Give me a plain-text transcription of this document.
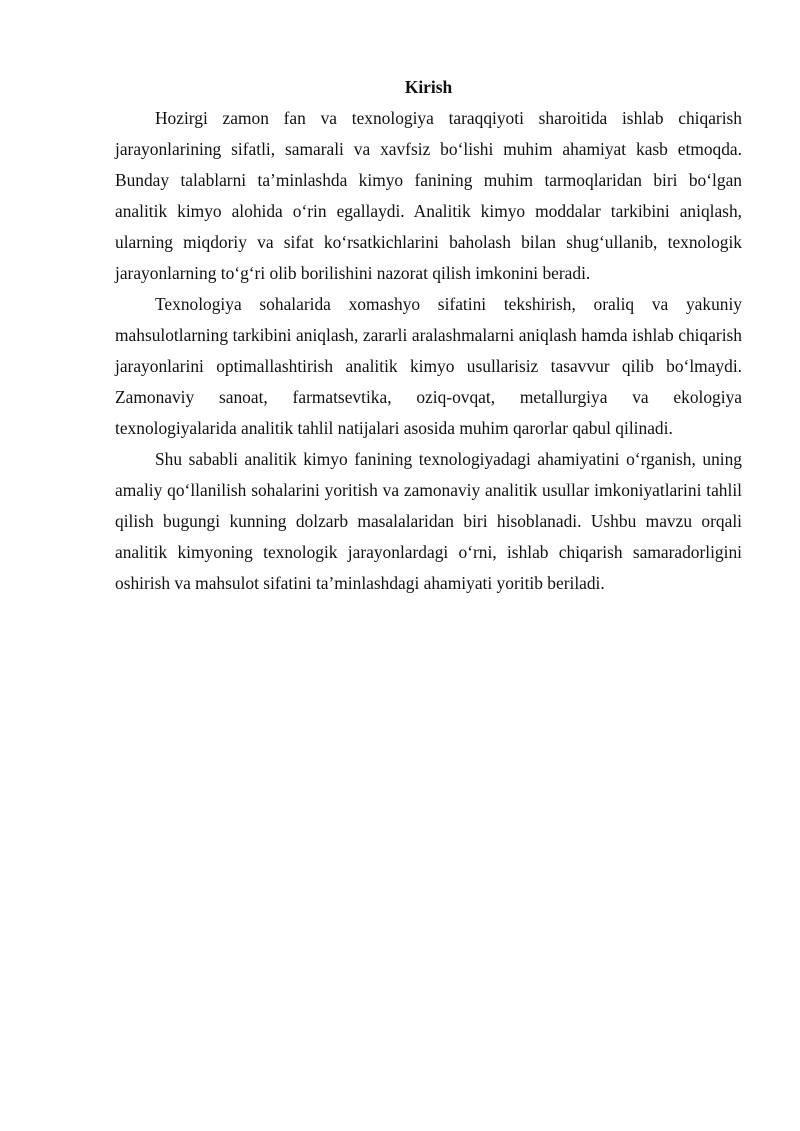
Kirish

Hozirgi zamon fan va texnologiya taraqqiyoti sharoitida ishlab chiqarish jarayonlarining sifatli, samarali va xavfsiz bo‘lishi muhim ahamiyat kasb etmoqda. Bunday talablarni ta’minlashda kimyo fanining muhim tarmoqlaridan biri bo‘lgan analitik kimyo alohida o‘rin egallaydi. Analitik kimyo moddalar tarkibini aniqlash, ularning miqdoriy va sifat ko‘rsatkichlarini baholash bilan shug‘ullanib, texnologik jarayonlarning to‘g‘ri olib borilishini nazorat qilish imkonini beradi.

Texnologiya sohalarida xomashyo sifatini tekshirish, oraliq va yakuniy mahsulotlarning tarkibini aniqlash, zararli aralashmalarni aniqlash hamda ishlab chiqarish jarayonlarini optimallashtirish analitik kimyo usullarisiz tasavvur qilib bo‘lmaydi. Zamonaviy sanoat, farmatsevtika, oziq-ovqat, metallurgiya va ekologiya texnologiyalarida analitik tahlil natijalari asosida muhim qarorlar qabul qilinadi.

Shu sababli analitik kimyo fanining texnologiyadagi ahamiyatini o‘rganish, uning amaliy qo‘llanilish sohalarini yoritish va zamonaviy analitik usullar imkoniyatlarini tahlil qilish bugungi kunning dolzarb masalalaridan biri hisoblanadi. Ushbu mavzu orqali analitik kimyoning texnologik jarayonlardagi o‘rni, ishlab chiqarish samaradorligini oshirish va mahsulot sifatini ta’minlashdagi ahamiyati yoritib beriladi.
